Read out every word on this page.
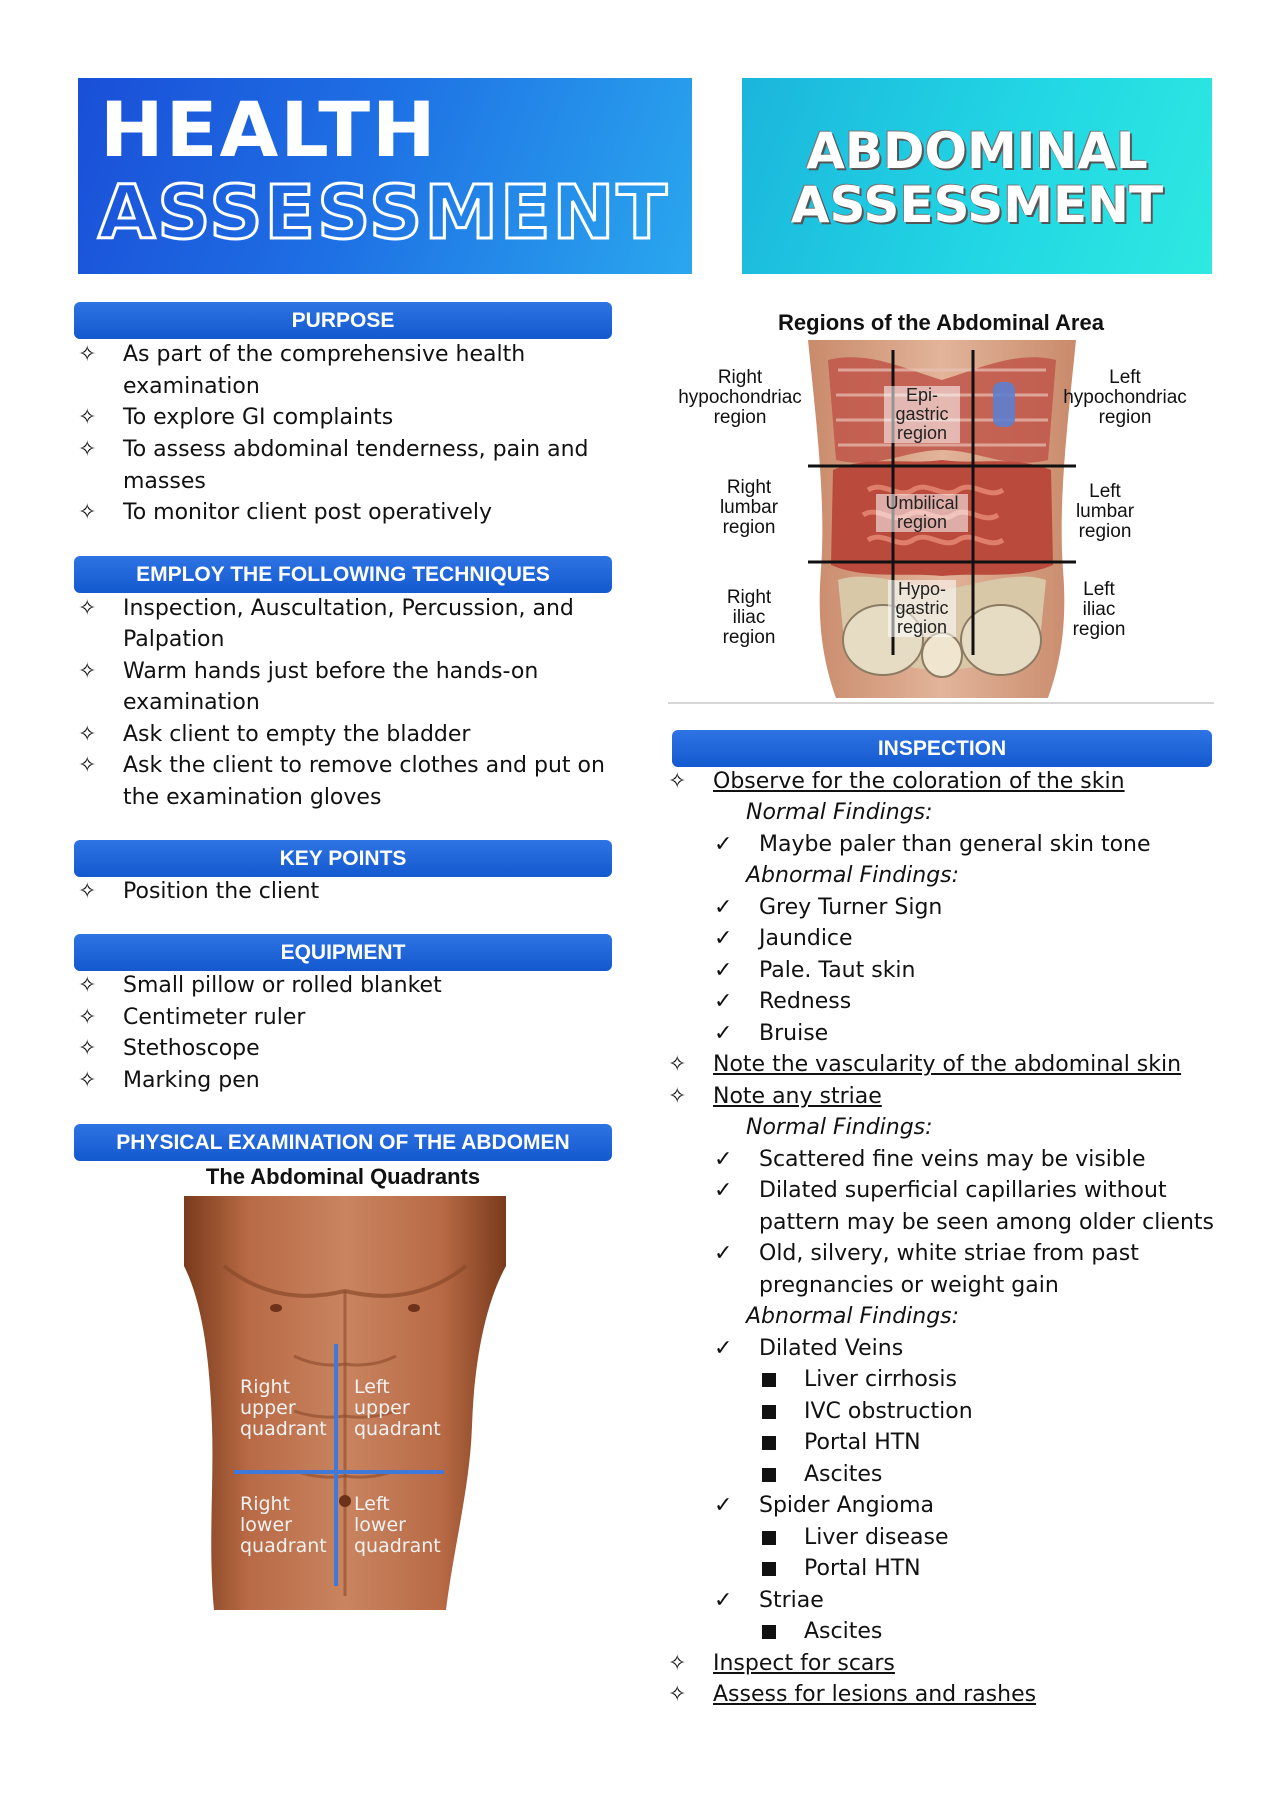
HEALTH
ASSESSMENT
ABDOMINAL
ASSESSMENT
PURPOSE
✧ As part of the comprehensive health
examination
✧ To explore GI complaints
✧ To assess abdominal tenderness, pain and
masses
✧ To monitor client post operatively
EMPLOY THE FOLLOWING TECHNIQUES
✧ Inspection, Auscultation, Percussion, and
Palpation
✧ Warm hands just before the hands-on
examination
✧ Ask client to empty the bladder
✧ Ask the client to remove clothes and put on
the examination gloves
KEY POINTS
✧ Position the client
EQUIPMENT
✧ Small pillow or rolled blanket
✧ Centimeter ruler
✧ Stethoscope
✧ Marking pen
PHYSICAL EXAMINATION OF THE ABDOMEN
The Abdominal Quadrants
Right
upper
quadrant
Left
upper
quadrant
Right
lower
quadrant
Left
lower
quadrant
Regions of the Abdominal Area
Right
hypochondriac
region
Epi-
gastric
region
Left
hypochondriac
region
Right
lumbar
region
Umbilical
region
Left
lumbar
region
Right
iliac
region
Hypo-
gastric
region
Left
iliac
region
INSPECTION
✧ Observe for the coloration of the skin
Normal Findings:
✓ Maybe paler than general skin tone
Abnormal Findings:
✓ Grey Turner Sign
✓ Jaundice
✓ Pale. Taut skin
✓ Redness
✓ Bruise
✧ Note the vascularity of the abdominal skin
✧ Note any striae
Normal Findings:
✓ Scattered fine veins may be visible
✓ Dilated superficial capillaries without
pattern may be seen among older clients
✓ Old, silvery, white striae from past
pregnancies or weight gain
Abnormal Findings:
✓ Dilated Veins
Liver cirrhosis
IVC obstruction
Portal HTN
Ascites
✓ Spider Angioma
Liver disease
Portal HTN
✓ Striae
Ascites
✧ Inspect for scars
✧ Assess for lesions and rashes
